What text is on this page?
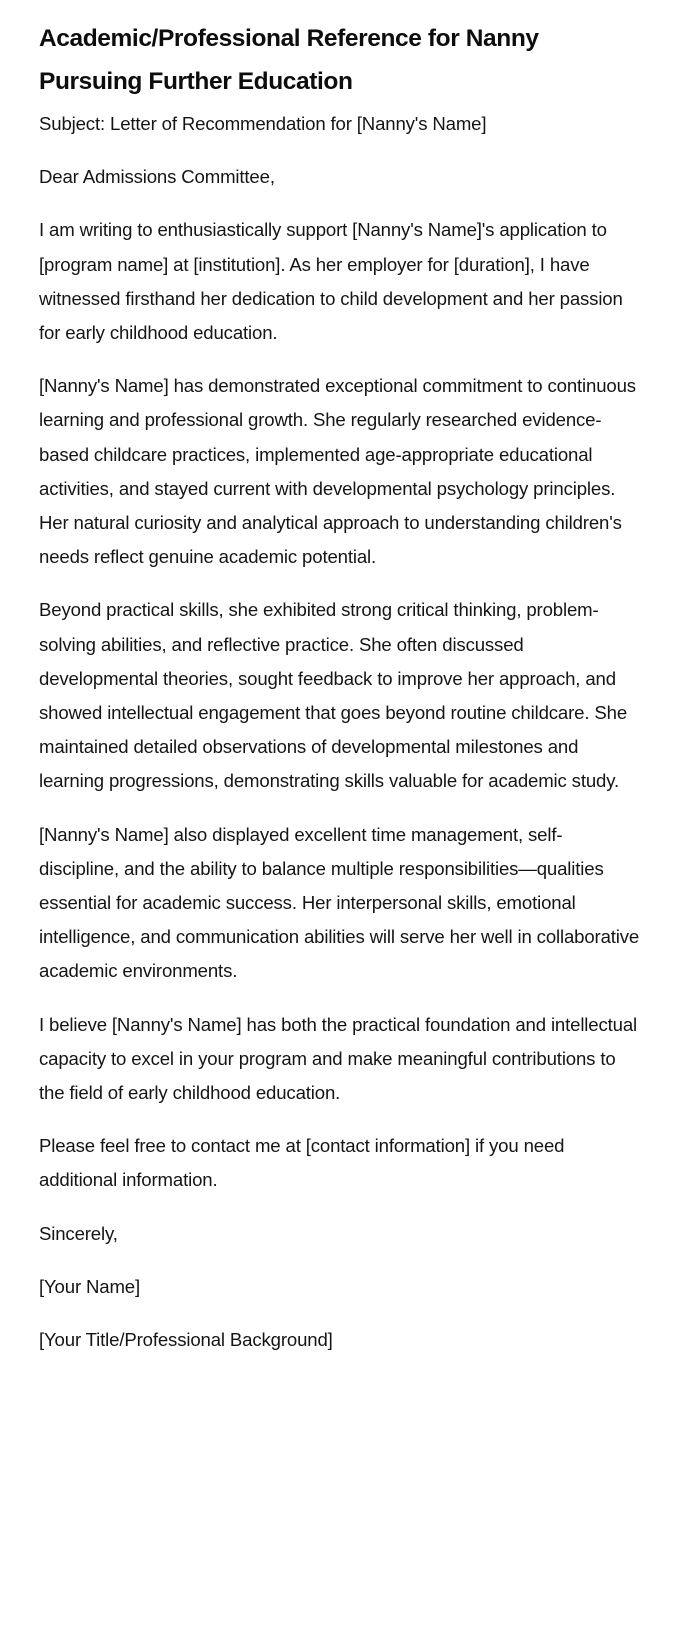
Academic/Professional Reference for Nanny Pursuing Further Education

Subject: Letter of Recommendation for [Nanny's Name]

Dear Admissions Committee,

I am writing to enthusiastically support [Nanny's Name]'s application to [program name] at [institution]. As her employer for [duration], I have witnessed firsthand her dedication to child development and her passion for early childhood education.

[Nanny's Name] has demonstrated exceptional commitment to continuous learning and professional growth. She regularly researched evidence-based childcare practices, implemented age-appropriate educational activities, and stayed current with developmental psychology principles. Her natural curiosity and analytical approach to understanding children's needs reflect genuine academic potential.

Beyond practical skills, she exhibited strong critical thinking, problem-solving abilities, and reflective practice. She often discussed developmental theories, sought feedback to improve her approach, and showed intellectual engagement that goes beyond routine childcare. She maintained detailed observations of developmental milestones and learning progressions, demonstrating skills valuable for academic study.

[Nanny's Name] also displayed excellent time management, self-discipline, and the ability to balance multiple responsibilities—qualities essential for academic success. Her interpersonal skills, emotional intelligence, and communication abilities will serve her well in collaborative academic environments.

I believe [Nanny's Name] has both the practical foundation and intellectual capacity to excel in your program and make meaningful contributions to the field of early childhood education.

Please feel free to contact me at [contact information] if you need additional information.

Sincerely,

[Your Name]

[Your Title/Professional Background]
